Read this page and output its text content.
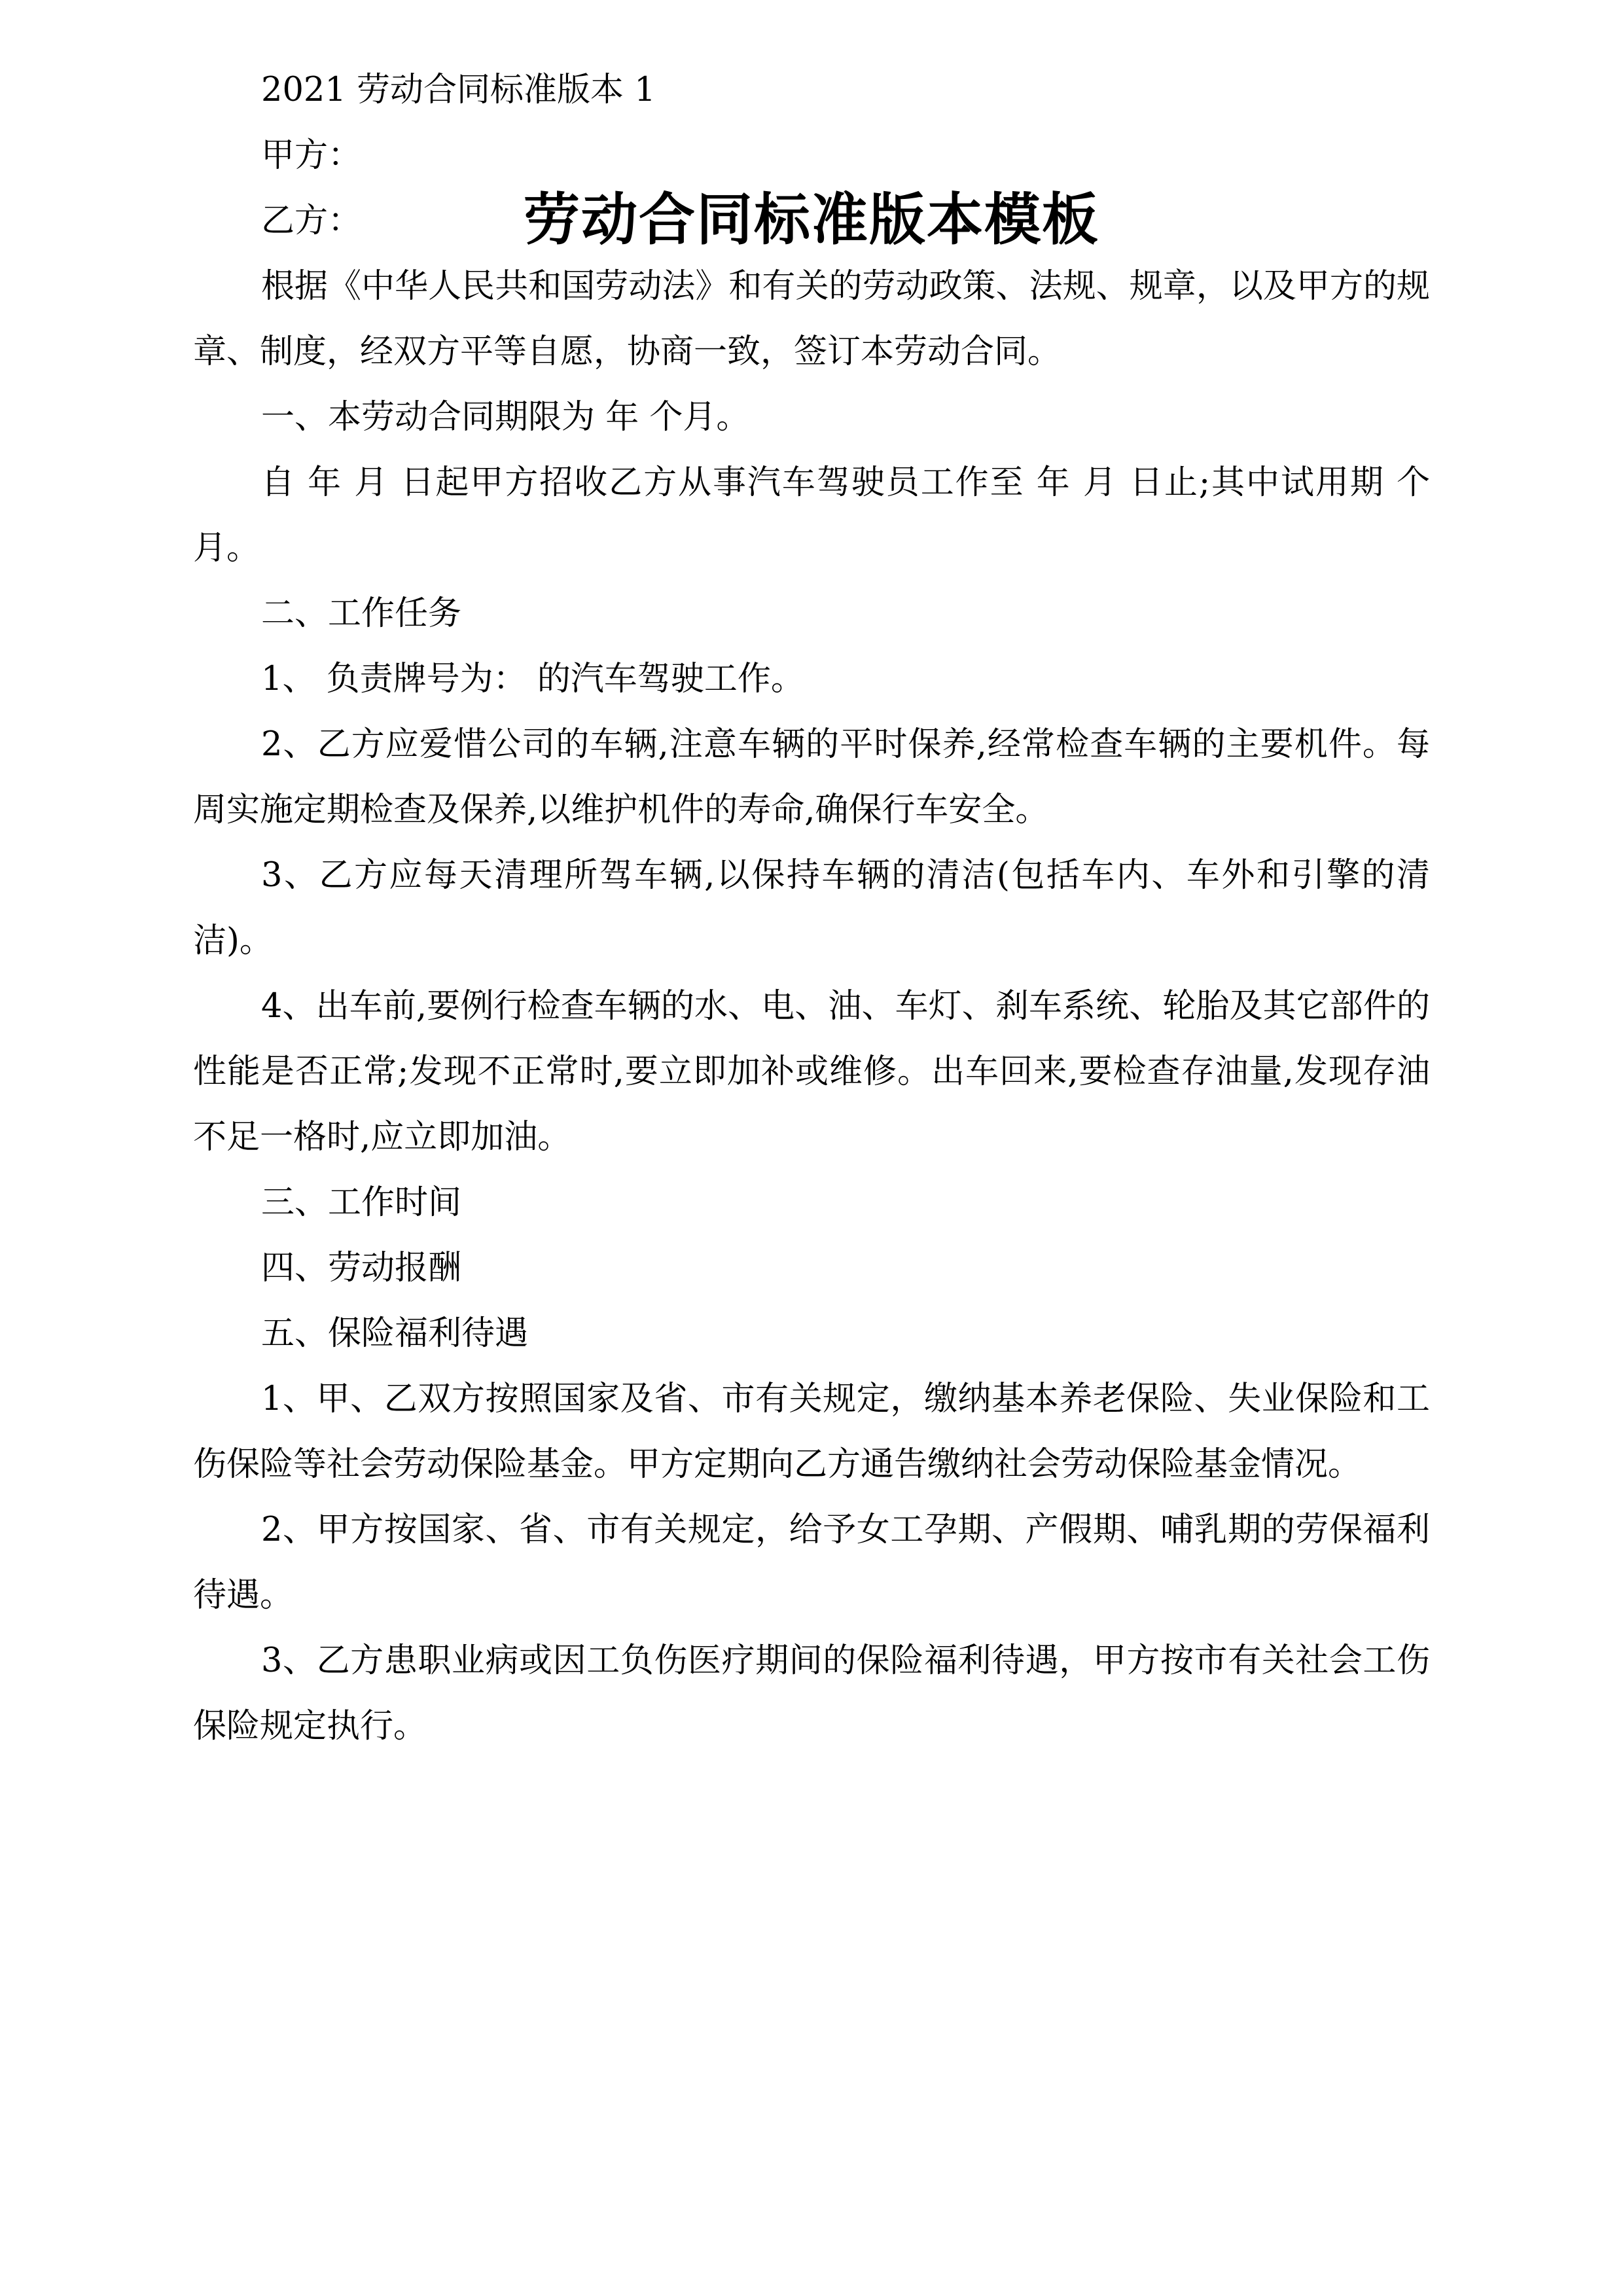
劳动合同标准版本模板

2021 劳动合同标准版本 1

甲方：

乙方：

根据《中华人民共和国劳动法》和有关的劳动政策、法规、规章，以及甲方的规章、制度，经双方平等自愿，协商一致，签订本劳动合同。

一、本劳动合同期限为 年 个月。

自 年 月 日起甲方招收乙方从事汽车驾驶员工作至 年 月 日止;其中试用期 个月。

二、工作任务

1、 负责牌号为： 的汽车驾驶工作。

2、乙方应爱惜公司的车辆,注意车辆的平时保养,经常检查车辆的主要机件。每周实施定期检查及保养,以维护机件的寿命,确保行车安全。

3、乙方应每天清理所驾车辆,以保持车辆的清洁(包括车内、车外和引擎的清洁)。

4、出车前,要例行检查车辆的水、电、油、车灯、刹车系统、轮胎及其它部件的性能是否正常;发现不正常时,要立即加补或维修。出车回来,要检查存油量,发现存油不足一格时,应立即加油。

三、工作时间

四、劳动报酬

五、保险福利待遇

1、甲、乙双方按照国家及省、市有关规定，缴纳基本养老保险、失业保险和工伤保险等社会劳动保险基金。甲方定期向乙方通告缴纳社会劳动保险基金情况。

2、甲方按国家、省、市有关规定，给予女工孕期、产假期、哺乳期的劳保福利待遇。

3、乙方患职业病或因工负伤医疗期间的保险福利待遇，甲方按市有关社会工伤保险规定执行。
